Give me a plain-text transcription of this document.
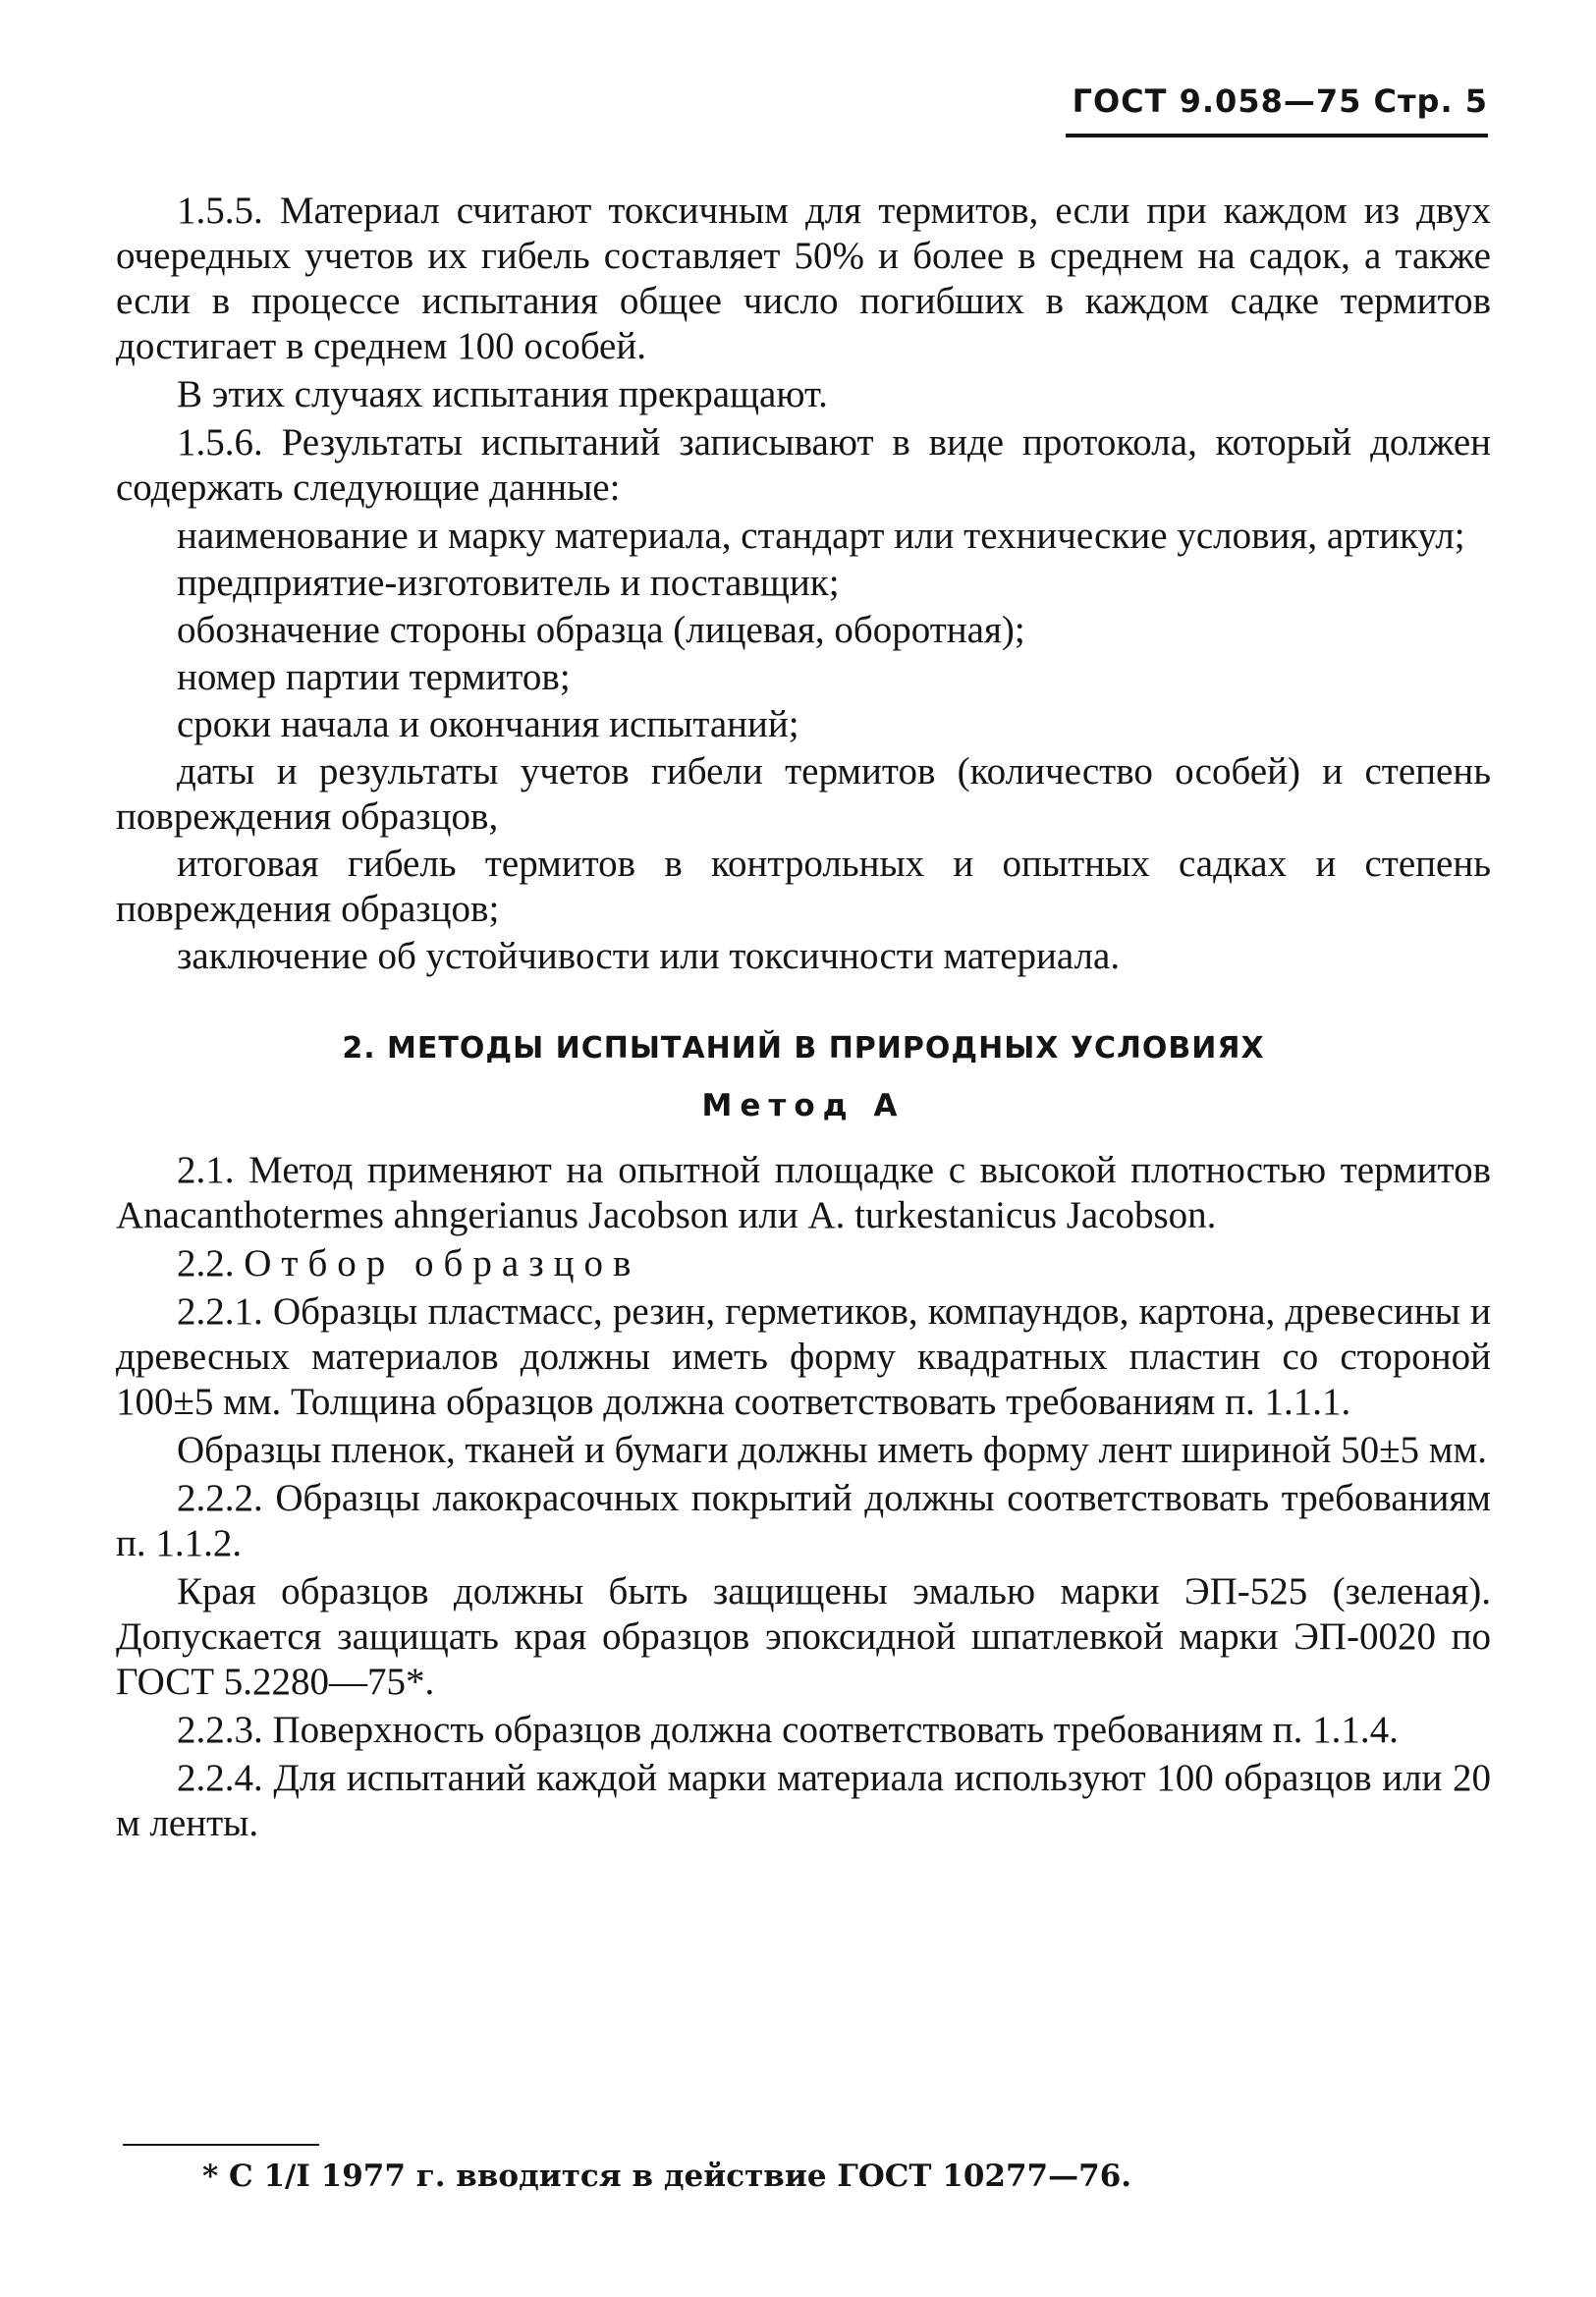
ГОСТ 9.058—75 Стр. 5

1.5.5. Материал считают токсичным для термитов, если при каждом из двух очередных учетов их гибель составляет 50% и более в среднем на садок, а также если в процессе испытания общее число погибших в каждом садке термитов достигает в среднем 100 особей.

В этих случаях испытания прекращают.

1.5.6. Результаты испытаний записывают в виде протокола, который должен содержать следующие данные:

наименование и марку материала, стандарт или технические условия, артикул;

предприятие-изготовитель и поставщик;

обозначение стороны образца (лицевая, оборотная);

номер партии термитов;

сроки начала и окончания испытаний;

даты и результаты учетов гибели термитов (количество особей) и степень повреждения образцов,

итоговая гибель термитов в контрольных и опытных садках и степень повреждения образцов;

заключение об устойчивости или токсичности материала.

2. МЕТОДЫ ИСПЫТАНИЙ В ПРИРОДНЫХ УСЛОВИЯХ
Метод А

2.1. Метод применяют на опытной площадке с высокой плотностью термитов Anacanthotermes ahngerianus Jacobson или A. turkestanicus Jacobson.

2.2. Отбор образцов

2.2.1. Образцы пластмасс, резин, герметиков, компаундов, картона, древесины и древесных материалов должны иметь форму квадратных пластин со стороной 100±5 мм. Толщина образцов должна соответствовать требованиям п. 1.1.1.

Образцы пленок, тканей и бумаги должны иметь форму лент шириной 50±5 мм.

2.2.2. Образцы лакокрасочных покрытий должны соответствовать требованиям п. 1.1.2.

Края образцов должны быть защищены эмалью марки ЭП-525 (зеленая). Допускается защищать края образцов эпоксидной шпатлевкой марки ЭП-0020 по ГОСТ 5.2280—75*.

2.2.3. Поверхность образцов должна соответствовать требованиям п. 1.1.4.

2.2.4. Для испытаний каждой марки материала используют 100 образцов или 20 м ленты.

* С 1/І 1977 г. вводится в действие ГОСТ 10277—76.
